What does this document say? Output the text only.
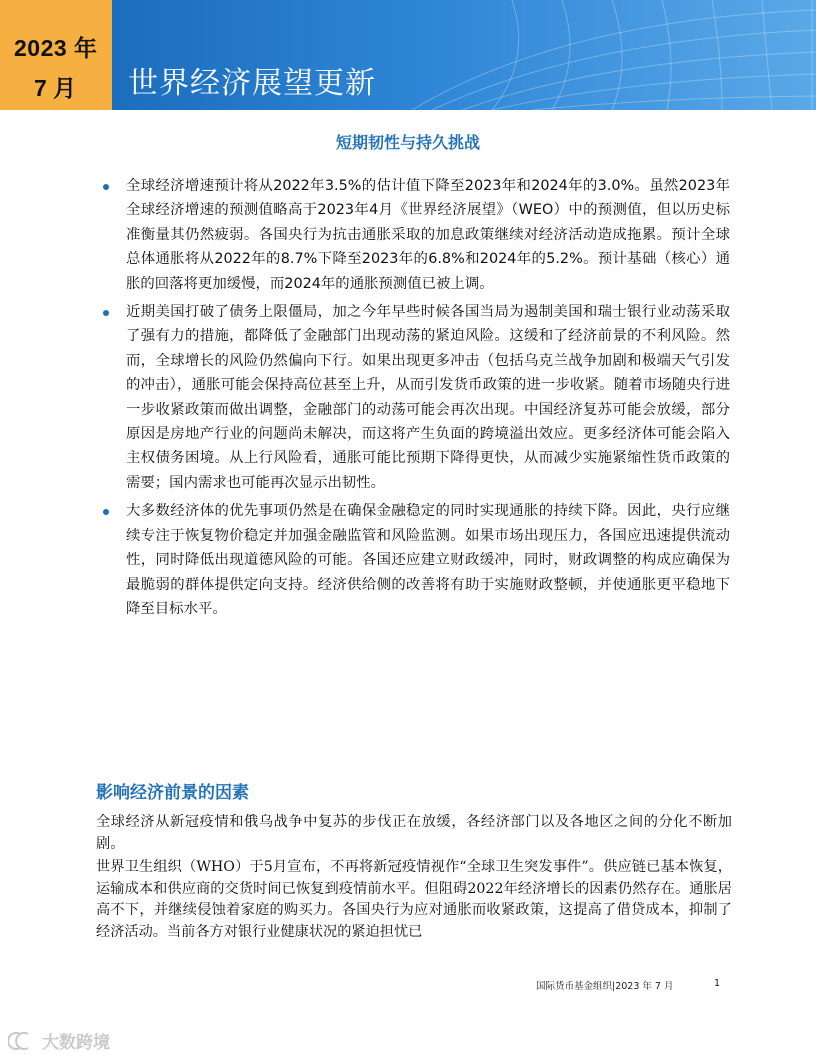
2023 年
7 月 世界经济展望更新
短期韧性与持久挑战
全球经济增速预计将从2022年3.5%的估计值下降至2023年和2024年的3.0%。虽然2023年全球经济增速的预测值略高于2023年4月《世界经济展望》（WEO）中的预测值，但以历史标准衡量其仍然疲弱。各国央行为抗击通胀采取的加息政策继续对经济活动造成拖累。预计全球总体通胀将从2022年的8.7%下降至2023年的6.8%和2024年的5.2%。预计基础（核心）通胀的回落将更加缓慢，而2024年的通胀预测值已被上调。
近期美国打破了债务上限僵局，加之今年早些时候各国当局为遏制美国和瑞士银行业动荡采取了强有力的措施，都降低了金融部门出现动荡的紧迫风险。这缓和了经济前景的不利风险。然而，全球增长的风险仍然偏向下行。如果出现更多冲击（包括乌克兰战争加剧和极端天气引发的冲击），通胀可能会保持高位甚至上升，从而引发货币政策的进一步收紧。随着市场随央行进一步收紧政策而做出调整，金融部门的动荡可能会再次出现。中国经济复苏可能会放缓，部分原因是房地产行业的问题尚未解决，而这将产生负面的跨境溢出效应。更多经济体可能会陷入主权债务困境。从上行风险看，通胀可能比预期下降得更快，从而减少实施紧缩性货币政策的需要；国内需求也可能再次显示出韧性。
大多数经济体的优先事项仍然是在确保金融稳定的同时实现通胀的持续下降。因此，央行应继续专注于恢复物价稳定并加强金融监管和风险监测。如果市场出现压力，各国应迅速提供流动性，同时降低出现道德风险的可能。各国还应建立财政缓冲，同时，财政调整的构成应确保为最脆弱的群体提供定向支持。经济供给侧的改善将有助于实施财政整顿，并使通胀更平稳地下降至目标水平。
影响经济前景的因素

全球经济从新冠疫情和俄乌战争中复苏的步伐正在放缓，各经济部门以及各地区之间的分化不断加剧。

世界卫生组织（WHO）于5月宣布，不再将新冠疫情视作“全球卫生突发事件”。供应链已基本恢复，运输成本和供应商的交货时间已恢复到疫情前水平。但阻碍2022年经济增长的因素仍然存在。通胀居高不下，并继续侵蚀着家庭的购买力。各国央行为应对通胀而收紧政策，这提高了借贷成本，抑制了经济活动。当前各方对银行业健康状况的紧迫担忧已

国际货币基金组织|2023 年 7 月	1
大数跨境
